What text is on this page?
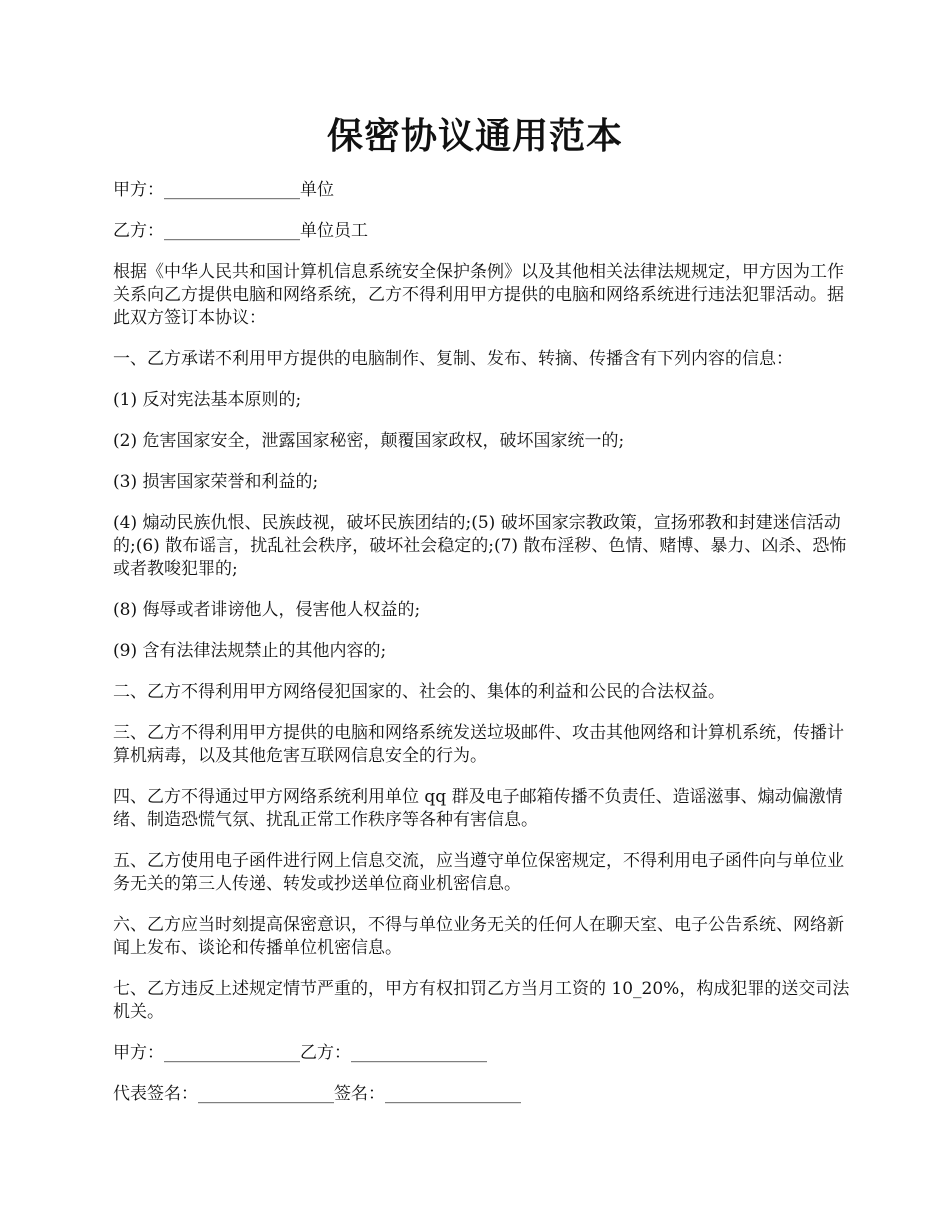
保密协议通用范本

甲方：________________单位

乙方：________________单位员工

根据《中华人民共和国计算机信息系统安全保护条例》以及其他相关法律法规规定，甲方因为工作关系向乙方提供电脑和网络系统，乙方不得利用甲方提供的电脑和网络系统进行违法犯罪活动。据此双方签订本协议：

一、乙方承诺不利用甲方提供的电脑制作、复制、发布、转摘、传播含有下列内容的信息：

(1) 反对宪法基本原则的;

(2) 危害国家安全，泄露国家秘密，颠覆国家政权，破坏国家统一的;

(3) 损害国家荣誉和利益的;

(4) 煽动民族仇恨、民族歧视，破坏民族团结的;(5) 破坏国家宗教政策，宣扬邪教和封建迷信活动的;(6) 散布谣言，扰乱社会秩序，破坏社会稳定的;(7) 散布淫秽、色情、赌博、暴力、凶杀、恐怖或者教唆犯罪的;

(8) 侮辱或者诽谤他人，侵害他人权益的;

(9) 含有法律法规禁止的其他内容的;

二、乙方不得利用甲方网络侵犯国家的、社会的、集体的利益和公民的合法权益。

三、乙方不得利用甲方提供的电脑和网络系统发送垃圾邮件、攻击其他网络和计算机系统，传播计算机病毒，以及其他危害互联网信息安全的行为。

四、乙方不得通过甲方网络系统利用单位 qq 群及电子邮箱传播不负责任、造谣滋事、煽动偏激情绪、制造恐慌气氛、扰乱正常工作秩序等各种有害信息。

五、乙方使用电子函件进行网上信息交流，应当遵守单位保密规定，不得利用电子函件向与单位业务无关的第三人传递、转发或抄送单位商业机密信息。

六、乙方应当时刻提高保密意识，不得与单位业务无关的任何人在聊天室、电子公告系统、网络新闻上发布、谈论和传播单位机密信息。

七、乙方违反上述规定情节严重的，甲方有权扣罚乙方当月工资的 10_20%，构成犯罪的送交司法机关。

甲方：________________乙方：________________

代表签名：________________签名：________________
